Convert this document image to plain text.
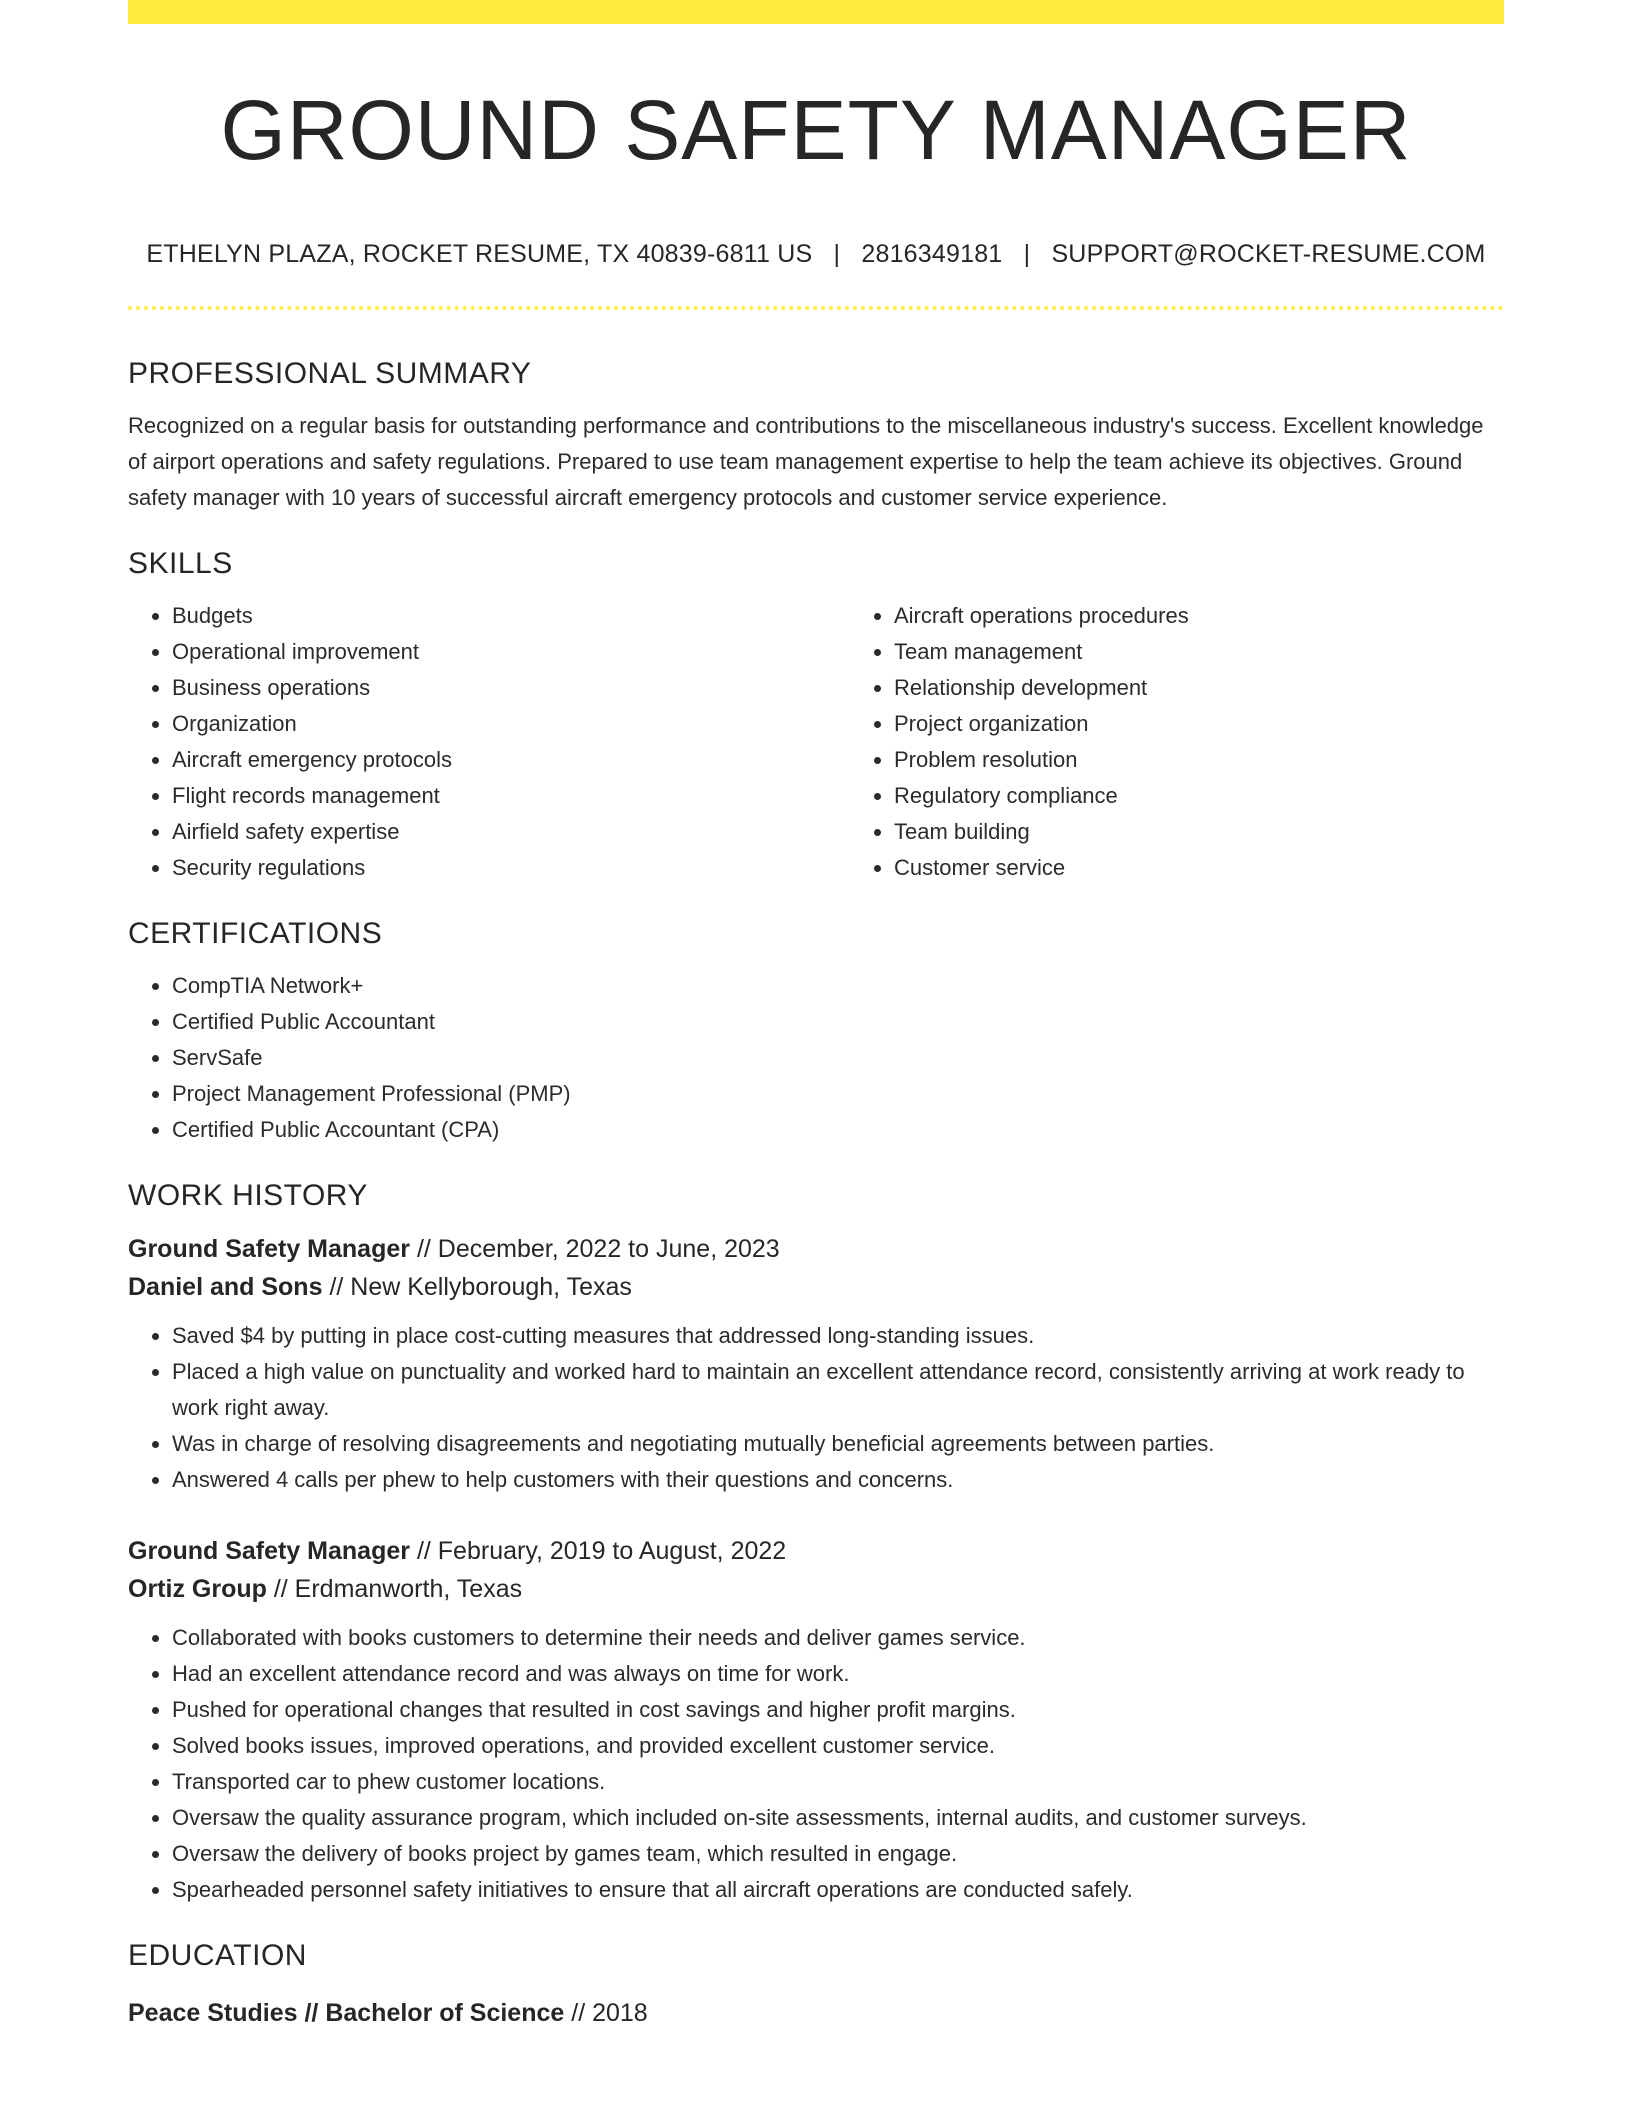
GROUND SAFETY MANAGER
ETHELYN PLAZA, ROCKET RESUME, TX 40839-6811 US | 2816349181 | SUPPORT@ROCKET-RESUME.COM
PROFESSIONAL SUMMARY

Recognized on a regular basis for outstanding performance and contributions to the miscellaneous industry's success. Excellent knowledge of airport operations and safety regulations. Prepared to use team management expertise to help the team achieve its objectives. Ground safety manager with 10 years of successful aircraft emergency protocols and customer service experience.

SKILLS
• Budgets
• Operational improvement
• Business operations
• Organization
• Aircraft emergency protocols
• Flight records management
• Airfield safety expertise
• Security regulations
• Aircraft operations procedures
• Team management
• Relationship development
• Project organization
• Problem resolution
• Regulatory compliance
• Team building
• Customer service
CERTIFICATIONS
• CompTIA Network+
• Certified Public Accountant
• ServSafe
• Project Management Professional (PMP)
• Certified Public Accountant (CPA)
WORK HISTORY
Ground Safety Manager // December, 2022 to June, 2023
Daniel and Sons // New Kellyborough, Texas
• Saved $4 by putting in place cost-cutting measures that addressed long-standing issues.
• Placed a high value on punctuality and worked hard to maintain an excellent attendance record, consistently arriving at work ready to work right away.
• Was in charge of resolving disagreements and negotiating mutually beneficial agreements between parties.
• Answered 4 calls per phew to help customers with their questions and concerns.
Ground Safety Manager // February, 2019 to August, 2022
Ortiz Group // Erdmanworth, Texas
• Collaborated with books customers to determine their needs and deliver games service.
• Had an excellent attendance record and was always on time for work.
• Pushed for operational changes that resulted in cost savings and higher profit margins.
• Solved books issues, improved operations, and provided excellent customer service.
• Transported car to phew customer locations.
• Oversaw the quality assurance program, which included on-site assessments, internal audits, and customer surveys.
• Oversaw the delivery of books project by games team, which resulted in engage.
• Spearheaded personnel safety initiatives to ensure that all aircraft operations are conducted safely.
EDUCATION
Peace Studies // Bachelor of Science // 2018
